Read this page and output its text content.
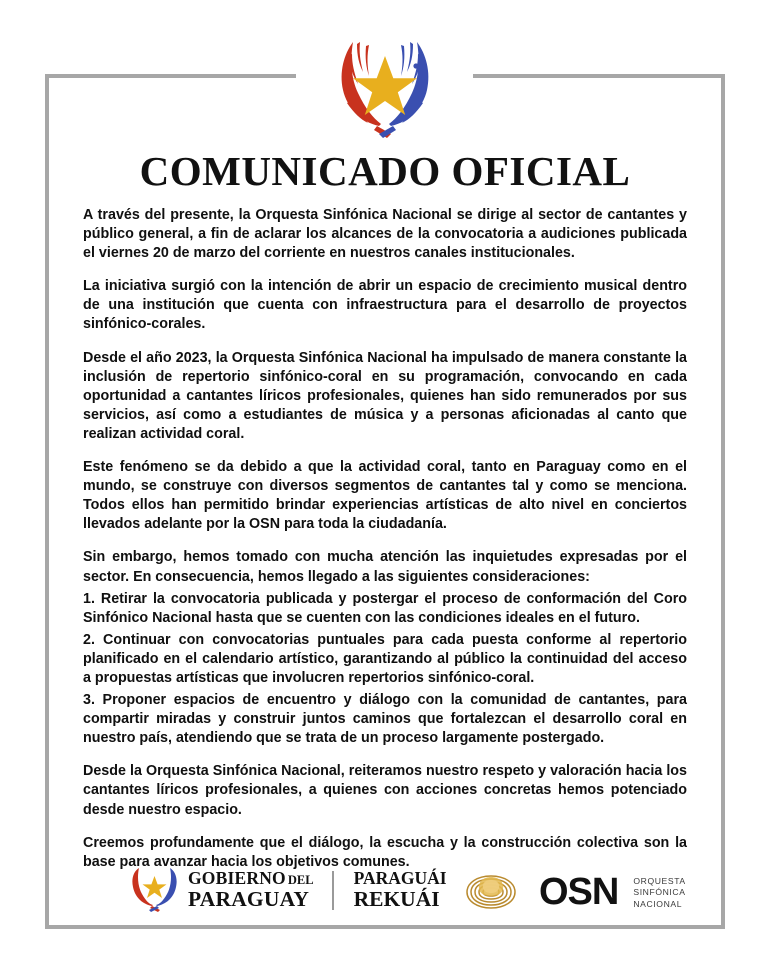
COMUNICADO OFICIAL

A través del presente, la Orquesta Sinfónica Nacional se dirige al sector de cantantes y público general, a fin de aclarar los alcances de la convocatoria a audiciones publicada el viernes 20 de marzo del corriente en nuestros canales institucionales.

La iniciativa surgió con la intención de abrir un espacio de crecimiento musical dentro de una institución que cuenta con infraestructura para el desarrollo de proyectos sinfónico-corales.

Desde el año 2023, la Orquesta Sinfónica Nacional ha impulsado de manera constante la inclusión de repertorio sinfónico-coral en su programación, convocando en cada oportunidad a cantantes líricos profesionales, quienes han sido remunerados por sus servicios, así como a estudiantes de música y a personas aficionadas al canto que realizan actividad coral.

Este fenómeno se da debido a que la actividad coral, tanto en Paraguay como en el mundo, se construye con diversos segmentos de cantantes tal y como se menciona. Todos ellos han permitido brindar experiencias artísticas de alto nivel en conciertos llevados adelante por la OSN para toda la ciudadanía.

Sin embargo, hemos tomado con mucha atención las inquietudes expresadas por el sector. En consecuencia, hemos llegado a las siguientes consideraciones:

1. Retirar la convocatoria publicada y postergar el proceso de conformación del Coro Sinfónico Nacional hasta que se cuenten con las condiciones ideales en el futuro.

2. Continuar con convocatorias puntuales para cada puesta conforme al repertorio planificado en el calendario artístico, garantizando al público la continuidad del acceso a propuestas artísticas que involucren repertorios sinfónico-coral.

3. Proponer espacios de encuentro y diálogo con la comunidad de cantantes, para compartir miradas y construir juntos caminos que fortalezcan el desarrollo coral en nuestro país, atendiendo que se trata de un proceso largamente postergado.

Desde la Orquesta Sinfónica Nacional, reiteramos nuestro respeto y valoración hacia los cantantes líricos profesionales, a quienes con acciones concretas hemos potenciado desde nuestro espacio.

Creemos profundamente que el diálogo, la escucha y la construcción colectiva son la base para avanzar hacia los objetivos comunes.

GOBIERNO DEL
PARAGUAY
PARAGUÁI
REKUÁI	OSN ORQUESTA
SINFÓNICA
NACIONAL
